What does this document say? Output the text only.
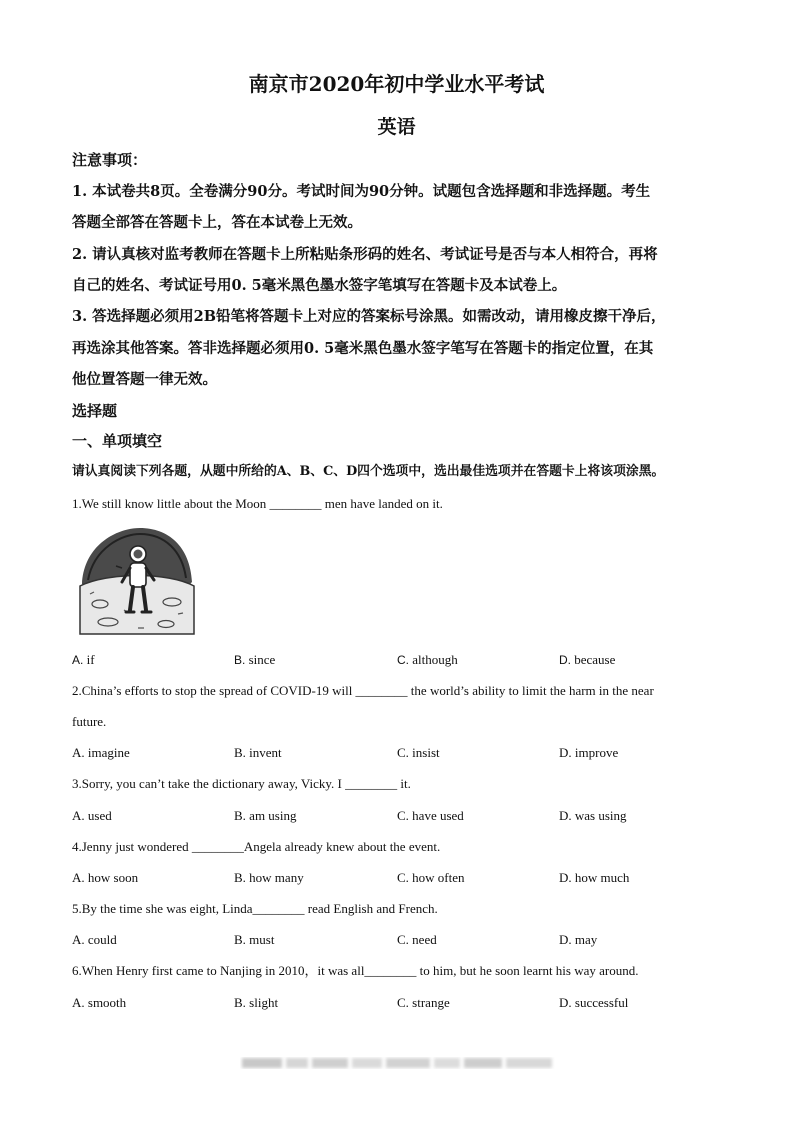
南京市2020年初中学业水平考试
英语
注意事项：
1. 本试卷共8页。全卷满分90分。考试时间为90分钟。试题包含选择题和非选择题。考生
答题全部答在答题卡上，答在本试卷上无效。
2. 请认真核对监考教师在答题卡上所粘贴条形码的姓名、考试证号是否与本人相符合，再将
自己的姓名、考试证号用0. 5毫米黑色墨水签字笔填写在答题卡及本试卷上。
3. 答选择题必须用2B铅笔将答题卡上对应的答案标号涂黑。如需改动，请用橡皮擦干净后，
再选涂其他答案。答非选择题必须用0. 5毫米黑色墨水签字笔写在答题卡的指定位置，在其
他位置答题一律无效。
选择题
一、单项填空
请认真阅读下列各题，从题中所给的A、B、C、D四个选项中，选出最佳选项并在答题卡上将该项涂黑。
1.We still know little about the Moon ________ men have landed on it.
A. if	B. since	C. although	D. because
2.China’s efforts to stop the spread of COVID-19 will ________ the world’s ability to limit the harm in the near
future.
A. imagine	B. invent	C. insist	D. improve
3.Sorry, you can’t take the dictionary away, Vicky. I ________ it.
A. used	B. am using	C. have used	D. was using
4.Jenny just wondered ________Angela already knew about the event.
A. how soon	B. how many	C. how often	D. how much
5.By the time she was eight, Linda________ read English and French.
A. could	B. must	C. need	D. may
6.When Henry first came to Nanjing in 2010，it was all________ to him, but he soon learnt his way around.
A. smooth	B. slight	C. strange	D. successful
